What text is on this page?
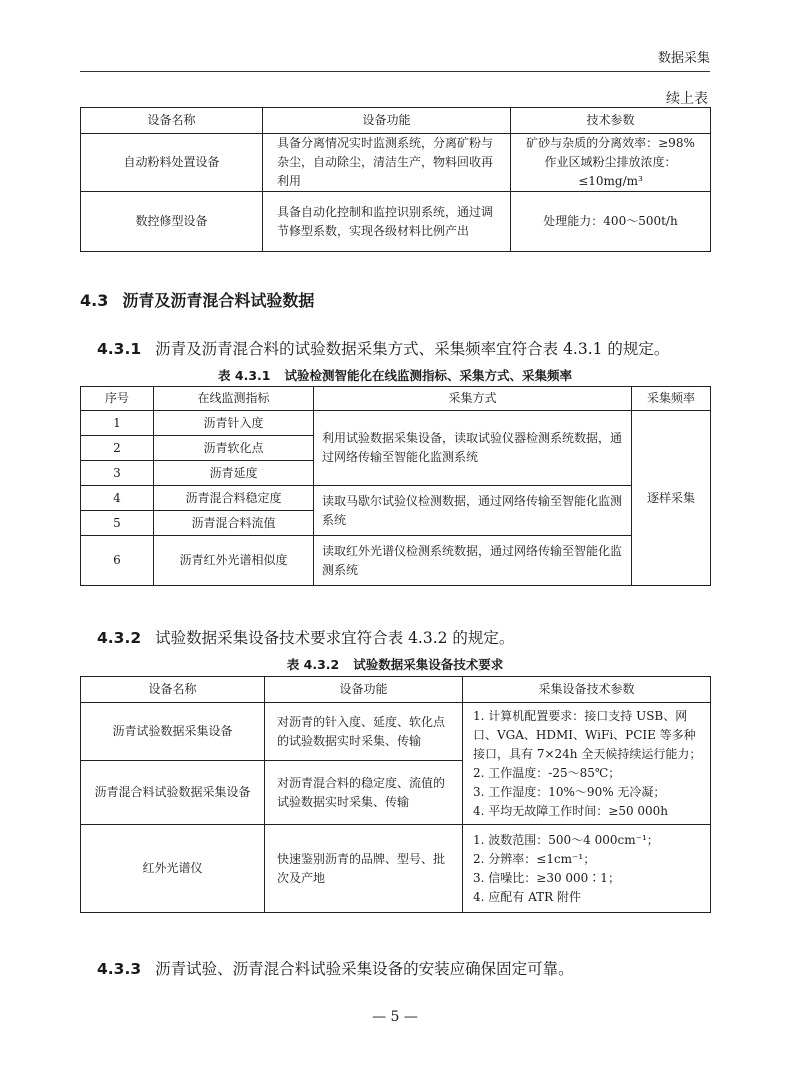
数据采集
续上表
设备名称	设备功能	技术参数
自动粉料处置设备	具备分离情况实时监测系统，分离矿粉与杂尘，自动除尘，清洁生产，物料回收再利用	矿砂与杂质的分离效率：≥98%
作业区域粉尘排放浓度：≤10mg/m³

数控修型设备	具备自动化控制和监控识别系统，通过调节修型系数，实现各级材料比例产出	处理能力：400～500t/h
4.3 沥青及沥青混合料试验数据
4.3.1 沥青及沥青混合料的试验数据采集方式、采集频率宜符合表 4.3.1 的规定。
表 4.3.1 试验检测智能化在线监测指标、采集方式、采集频率
序号	在线监测指标	采集方式	采集频率
1	沥青针入度	利用试验数据采集设备，读取试验仪器检测系统数据，通过网络传输至智能化监测系统	逐样采集
2	沥青软化点		
3	沥青延度		
4	沥青混合料稳定度	读取马歇尔试验仪检测数据，通过网络传输至智能化监测系统	
5	沥青混合料流值		
6	沥青红外光谱相似度	读取红外光谱仪检测系统数据，通过网络传输至智能化监测系统	
4.3.2 试验数据采集设备技术要求宜符合表 4.3.2 的规定。
表 4.3.2 试验数据采集设备技术要求
设备名称	设备功能	采集设备技术参数
沥青试验数据采集设备	对沥青的针入度、延度、软化点的试验数据实时采集、传输	1. 计算机配置要求：接口支持 USB、网口、VGA、HDMI、WiFi、PCIE 等多种接口，具有 7×24h 全天候持续运行能力；
2. 工作温度：-25～85℃；
3. 工作湿度：10%～90% 无冷凝；
4. 平均无故障工作时间：≥50 000h

沥青混合料试验数据采集设备	对沥青混合料的稳定度、流值的试验数据实时采集、传输	
红外光谱仪	快速鉴别沥青的品牌、型号、批次及产地	1. 波数范围：500～4 000cm⁻¹；
2. 分辨率：≤1cm⁻¹；
3. 信噪比：≥30 000∶1；
4. 应配有 ATR 附件
4.3.3 沥青试验、沥青混合料试验采集设备的安装应确保固定可靠。
— 5 —
